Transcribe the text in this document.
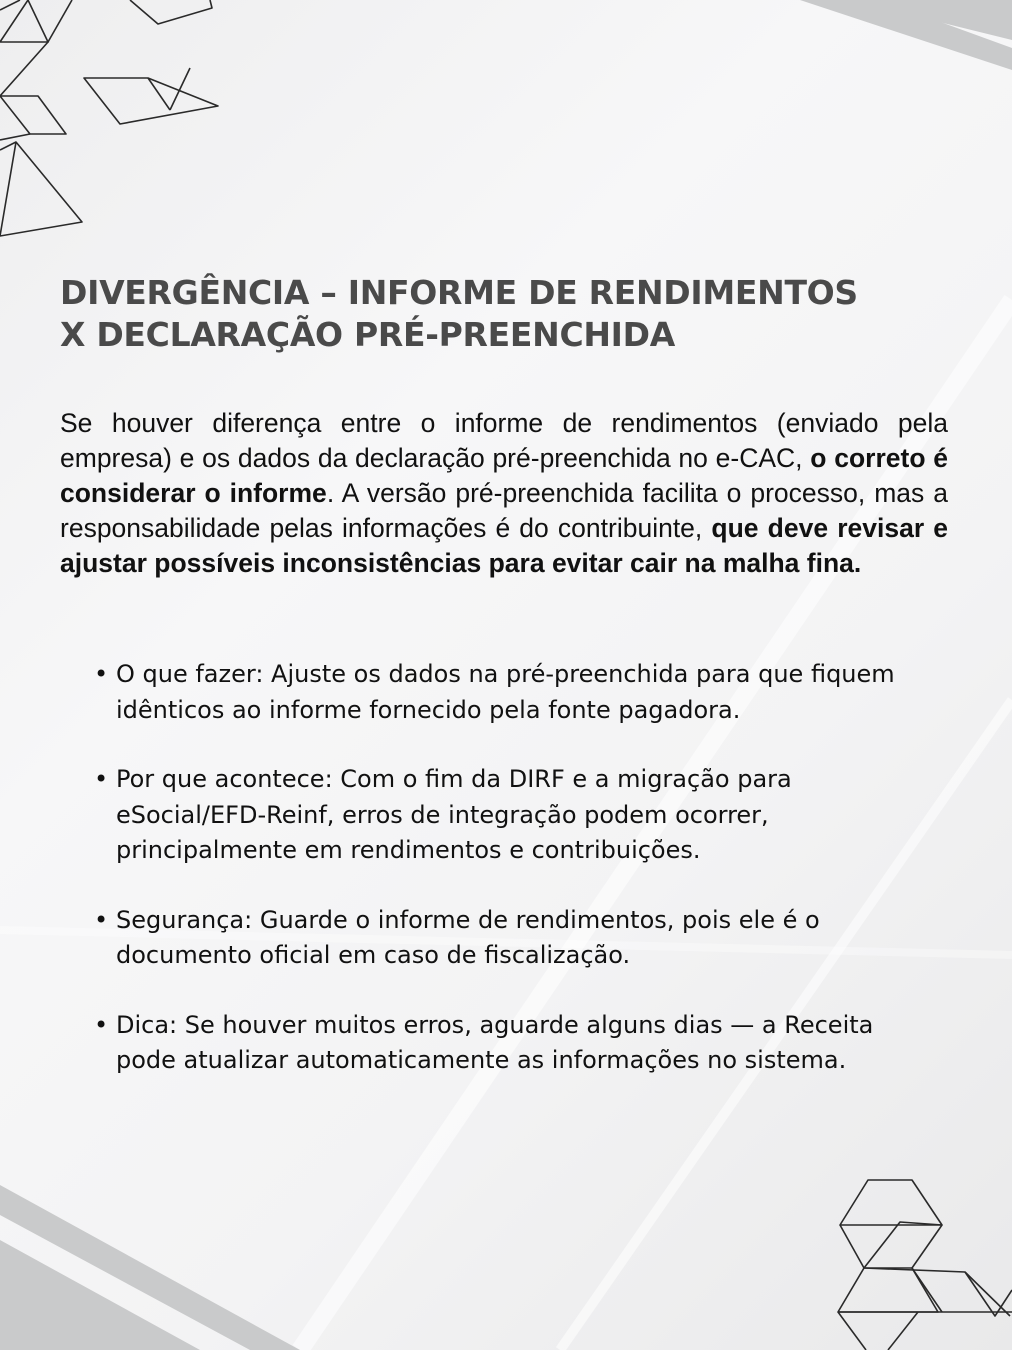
DIVERGÊNCIA – INFORME DE RENDIMENTOS
X DECLARAÇÃO PRÉ-PREENCHIDA

Se houver diferença entre o informe de rendimentos (enviado pela empresa) e os dados da declaração pré-preenchida no e-CAC, o correto é considerar o informe. A versão pré-preenchida facilita o processo, mas a responsabilidade pelas informações é do contribuinte, que deve revisar e ajustar possíveis inconsistências para evitar cair na malha fina.

• O que fazer: Ajuste os dados na pré-preenchida para que fiquem idênticos ao informe fornecido pela fonte pagadora.
• Por que acontece: Com o fim da DIRF e a migração para eSocial/EFD-Reinf, erros de integração podem ocorrer, principalmente em rendimentos e contribuições.
• Segurança: Guarde o informe de rendimentos, pois ele é o documento oficial em caso de fiscalização.
• Dica: Se houver muitos erros, aguarde alguns dias — a Receita pode atualizar automaticamente as informações no sistema.
